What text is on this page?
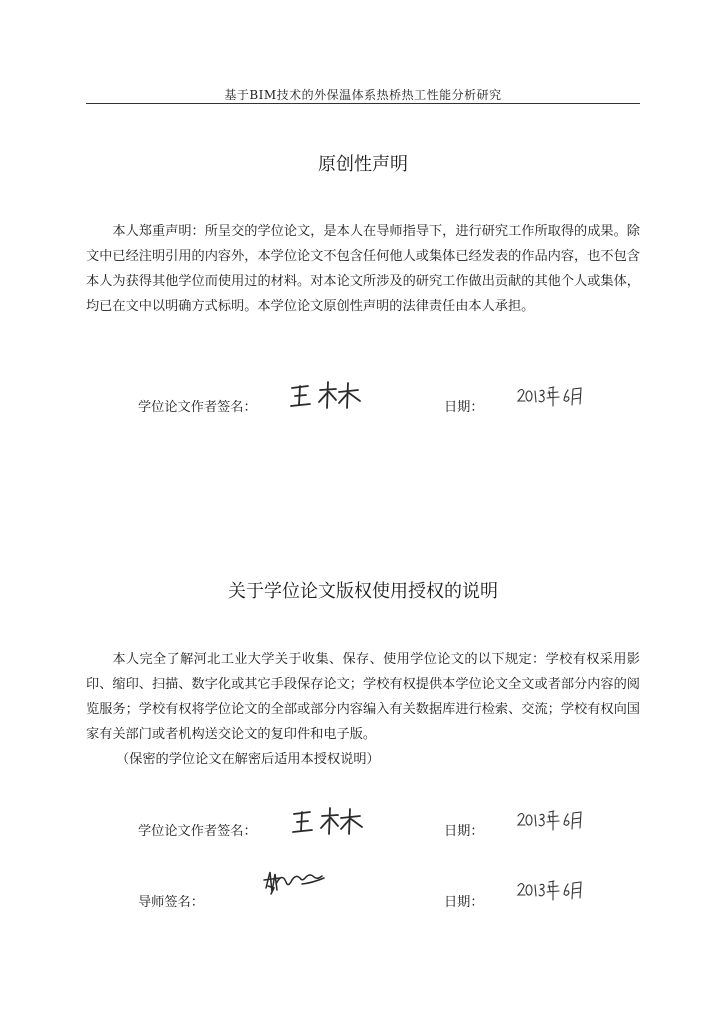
基于BIM技术的外保温体系热桥热工性能分析研究
原创性声明

本人郑重声明：所呈交的学位论文，是本人在导师指导下，进行研究工作所取得的成果。除文中已经注明引用的内容外，本学位论文不包含任何他人或集体已经发表的作品内容，也不包含本人为获得其他学位而使用过的材料。对本论文所涉及的研究工作做出贡献的其他个人或集体，均已在文中以明确方式标明。本学位论文原创性声明的法律责任由本人承担。

学位论文作者签名：	日期：
关于学位论文版权使用授权的说明

本人完全了解河北工业大学关于收集、保存、使用学位论文的以下规定：学校有权采用影印、缩印、扫描、数字化或其它手段保存论文；学校有权提供本学位论文全文或者部分内容的阅览服务；学校有权将学位论文的全部或部分内容编入有关数据库进行检索、交流；学校有权向国家有关部门或者机构送交论文的复印件和电子版。

（保密的学位论文在解密后适用本授权说明）
学位论文作者签名：	日期：
导师签名：	日期：
